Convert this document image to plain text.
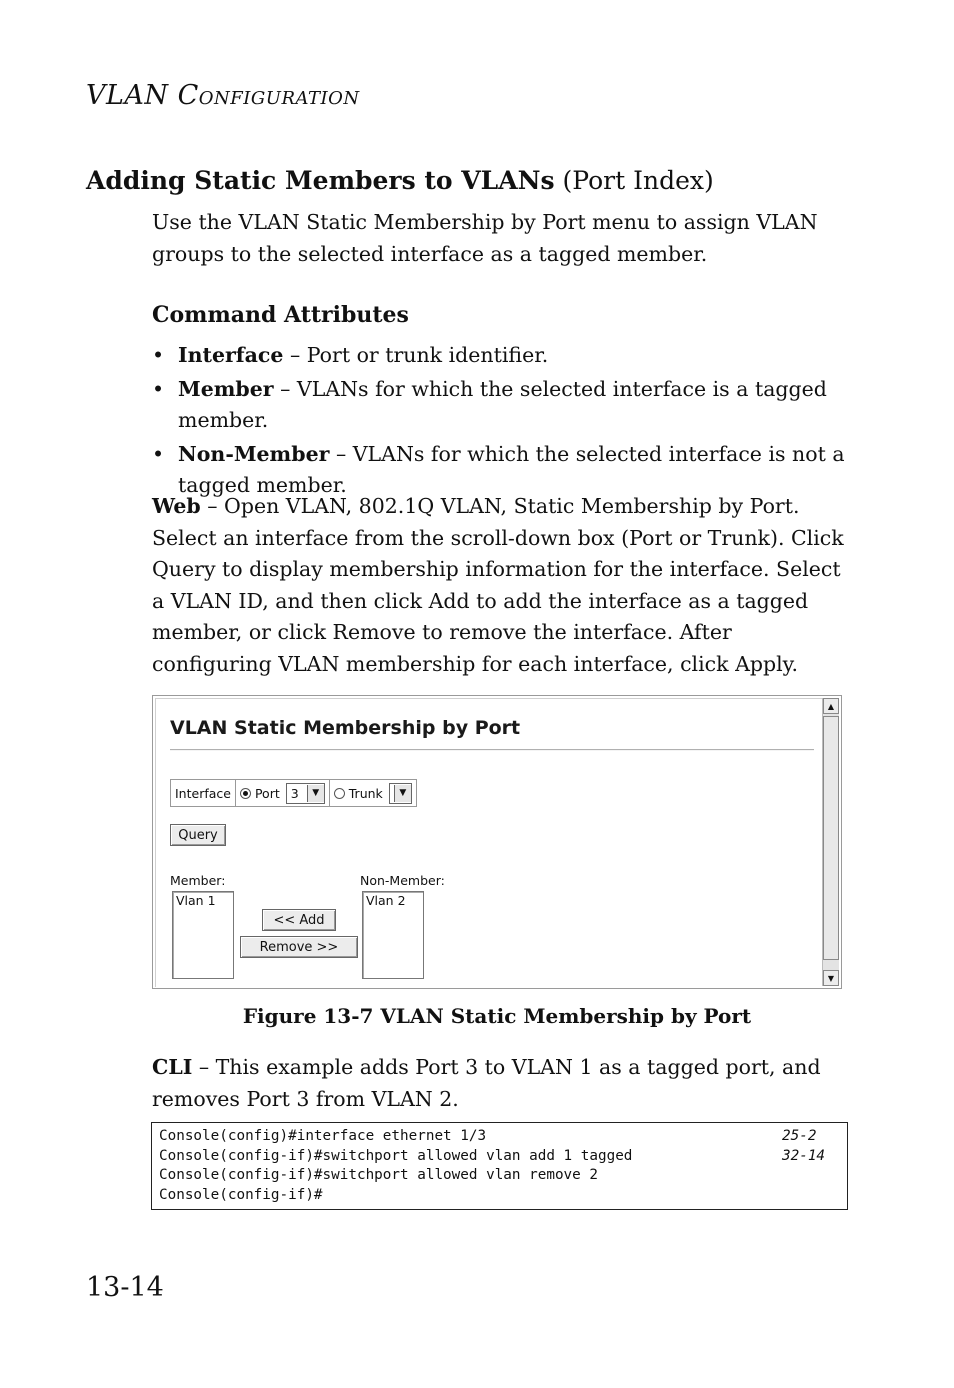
VLAN CONFIGURATION
Adding Static Members to VLANs (Port Index)
Use the VLAN Static Membership by Port menu to assign VLAN groups to the selected interface as a tagged member.
Command Attributes
• Interface – Port or trunk identifier.
• Member – VLANs for which the selected interface is a tagged member.
• Non-Member – VLANs for which the selected interface is not a tagged member.
Web – Open VLAN, 802.1Q VLAN, Static Membership by Port. Select an interface from the scroll-down box (Port or Trunk). Click Query to display membership information for the interface. Select a VLAN ID, and then click Add to add the interface as a tagged member, or click Remove to remove the interface. After configuring VLAN membership for each interface, click Apply.
VLAN Static Membership by Port
Interface	Port 3	▼	Trunk	▼
Query
Member:
Vlan 1
<< Add
Remove >>
Non-Member:
Vlan 2
▲
▼
Figure 13-7 VLAN Static Membership by Port
CLI – This example adds Port 3 to VLAN 1 as a tagged port, and removes Port 3 from VLAN 2.
Console(config)#interface ethernet 1/3	25-2
Console(config-if)#switchport allowed vlan add 1 tagged	32-14
Console(config-if)#switchport allowed vlan remove 2
Console(config-if)#
13-14
